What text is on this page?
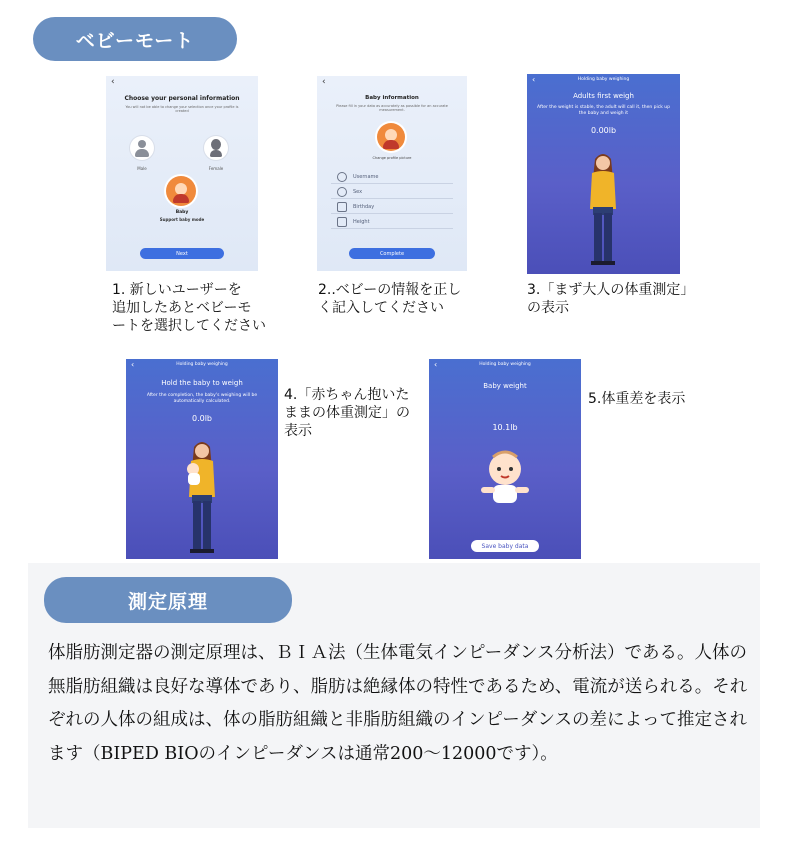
ベビーモート
‹
Choose your personal information
You will not be able to change your selection once your profile is created
Male	Female
Baby
Support baby mode
Next
‹
Baby information
Please fill in your data as accurately as possible for an accurate measurement.
Change profile picture
Username
Sex
Birthday
Height
Complete
‹	Holding baby weighing
Adults first weigh
After the weight is stable, the adult will call it, then pick up the baby and weigh it
0.00lb
1. 新しいユーザーを
追加したあとベビーモ
ートを選択してください
2..ベビーの情報を正し
く記入してください
3.「まず大人の体重測定」
の表示
‹	Holding baby weighing
Hold the baby to weigh
After the completion, the baby's weighing will be automatically calculated.
0.0lb
4.「赤ちゃん抱いた
ままの体重測定」の
表示
‹	Holding baby weighing
Baby weight
10.1lb
Save baby data
5.体重差を表示
測定原理
体脂肪測定器の測定原理は、ＢＩＡ法（生体電気インピーダンス分析法）である。人体の無脂肪組織は良好な導体であり、脂肪は絶縁体の特性であるため、電流が送られる。それぞれの人体の組成は、体の脂肪組織と非脂肪組織のインピーダンスの差によって推定されます（BIPED BIOのインピーダンスは通常200〜12000です）。
